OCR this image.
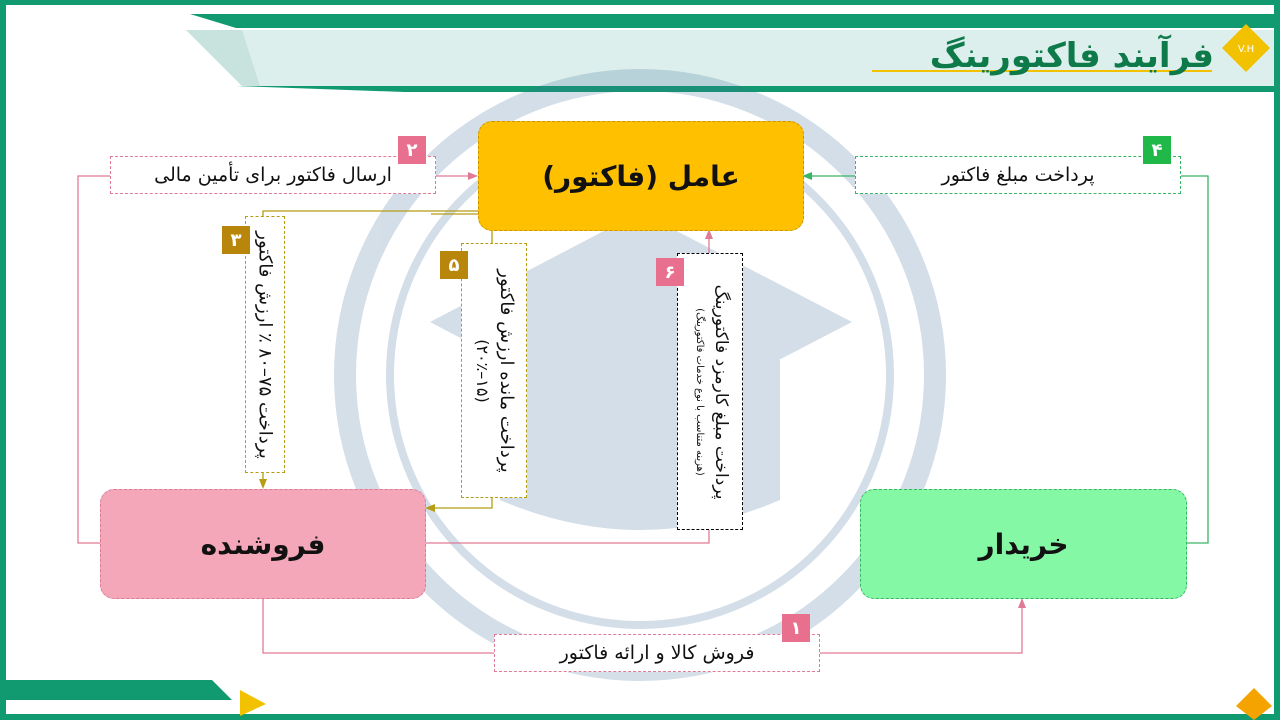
فرآیند فاکتورینگ	V.H
عامل (فاکتور)
فروشنده	خریدار
فروش کالا و ارائه فاکتور
۱
ارسال فاکتور برای تأمین مالی
۲
پرداخت مبلغ فاکتور
۴
پرداخت ۷۵–۸۰ ٪ ارزش فاکتور
۳
پرداخت مانده ارزش فاکتور
(۱۵–۲۰٪)
۵
پرداخت مبلغ کارمزد فاکتورینگ
(هزینه متناسب با نوع خدمات فاکتورینگ)
۶
